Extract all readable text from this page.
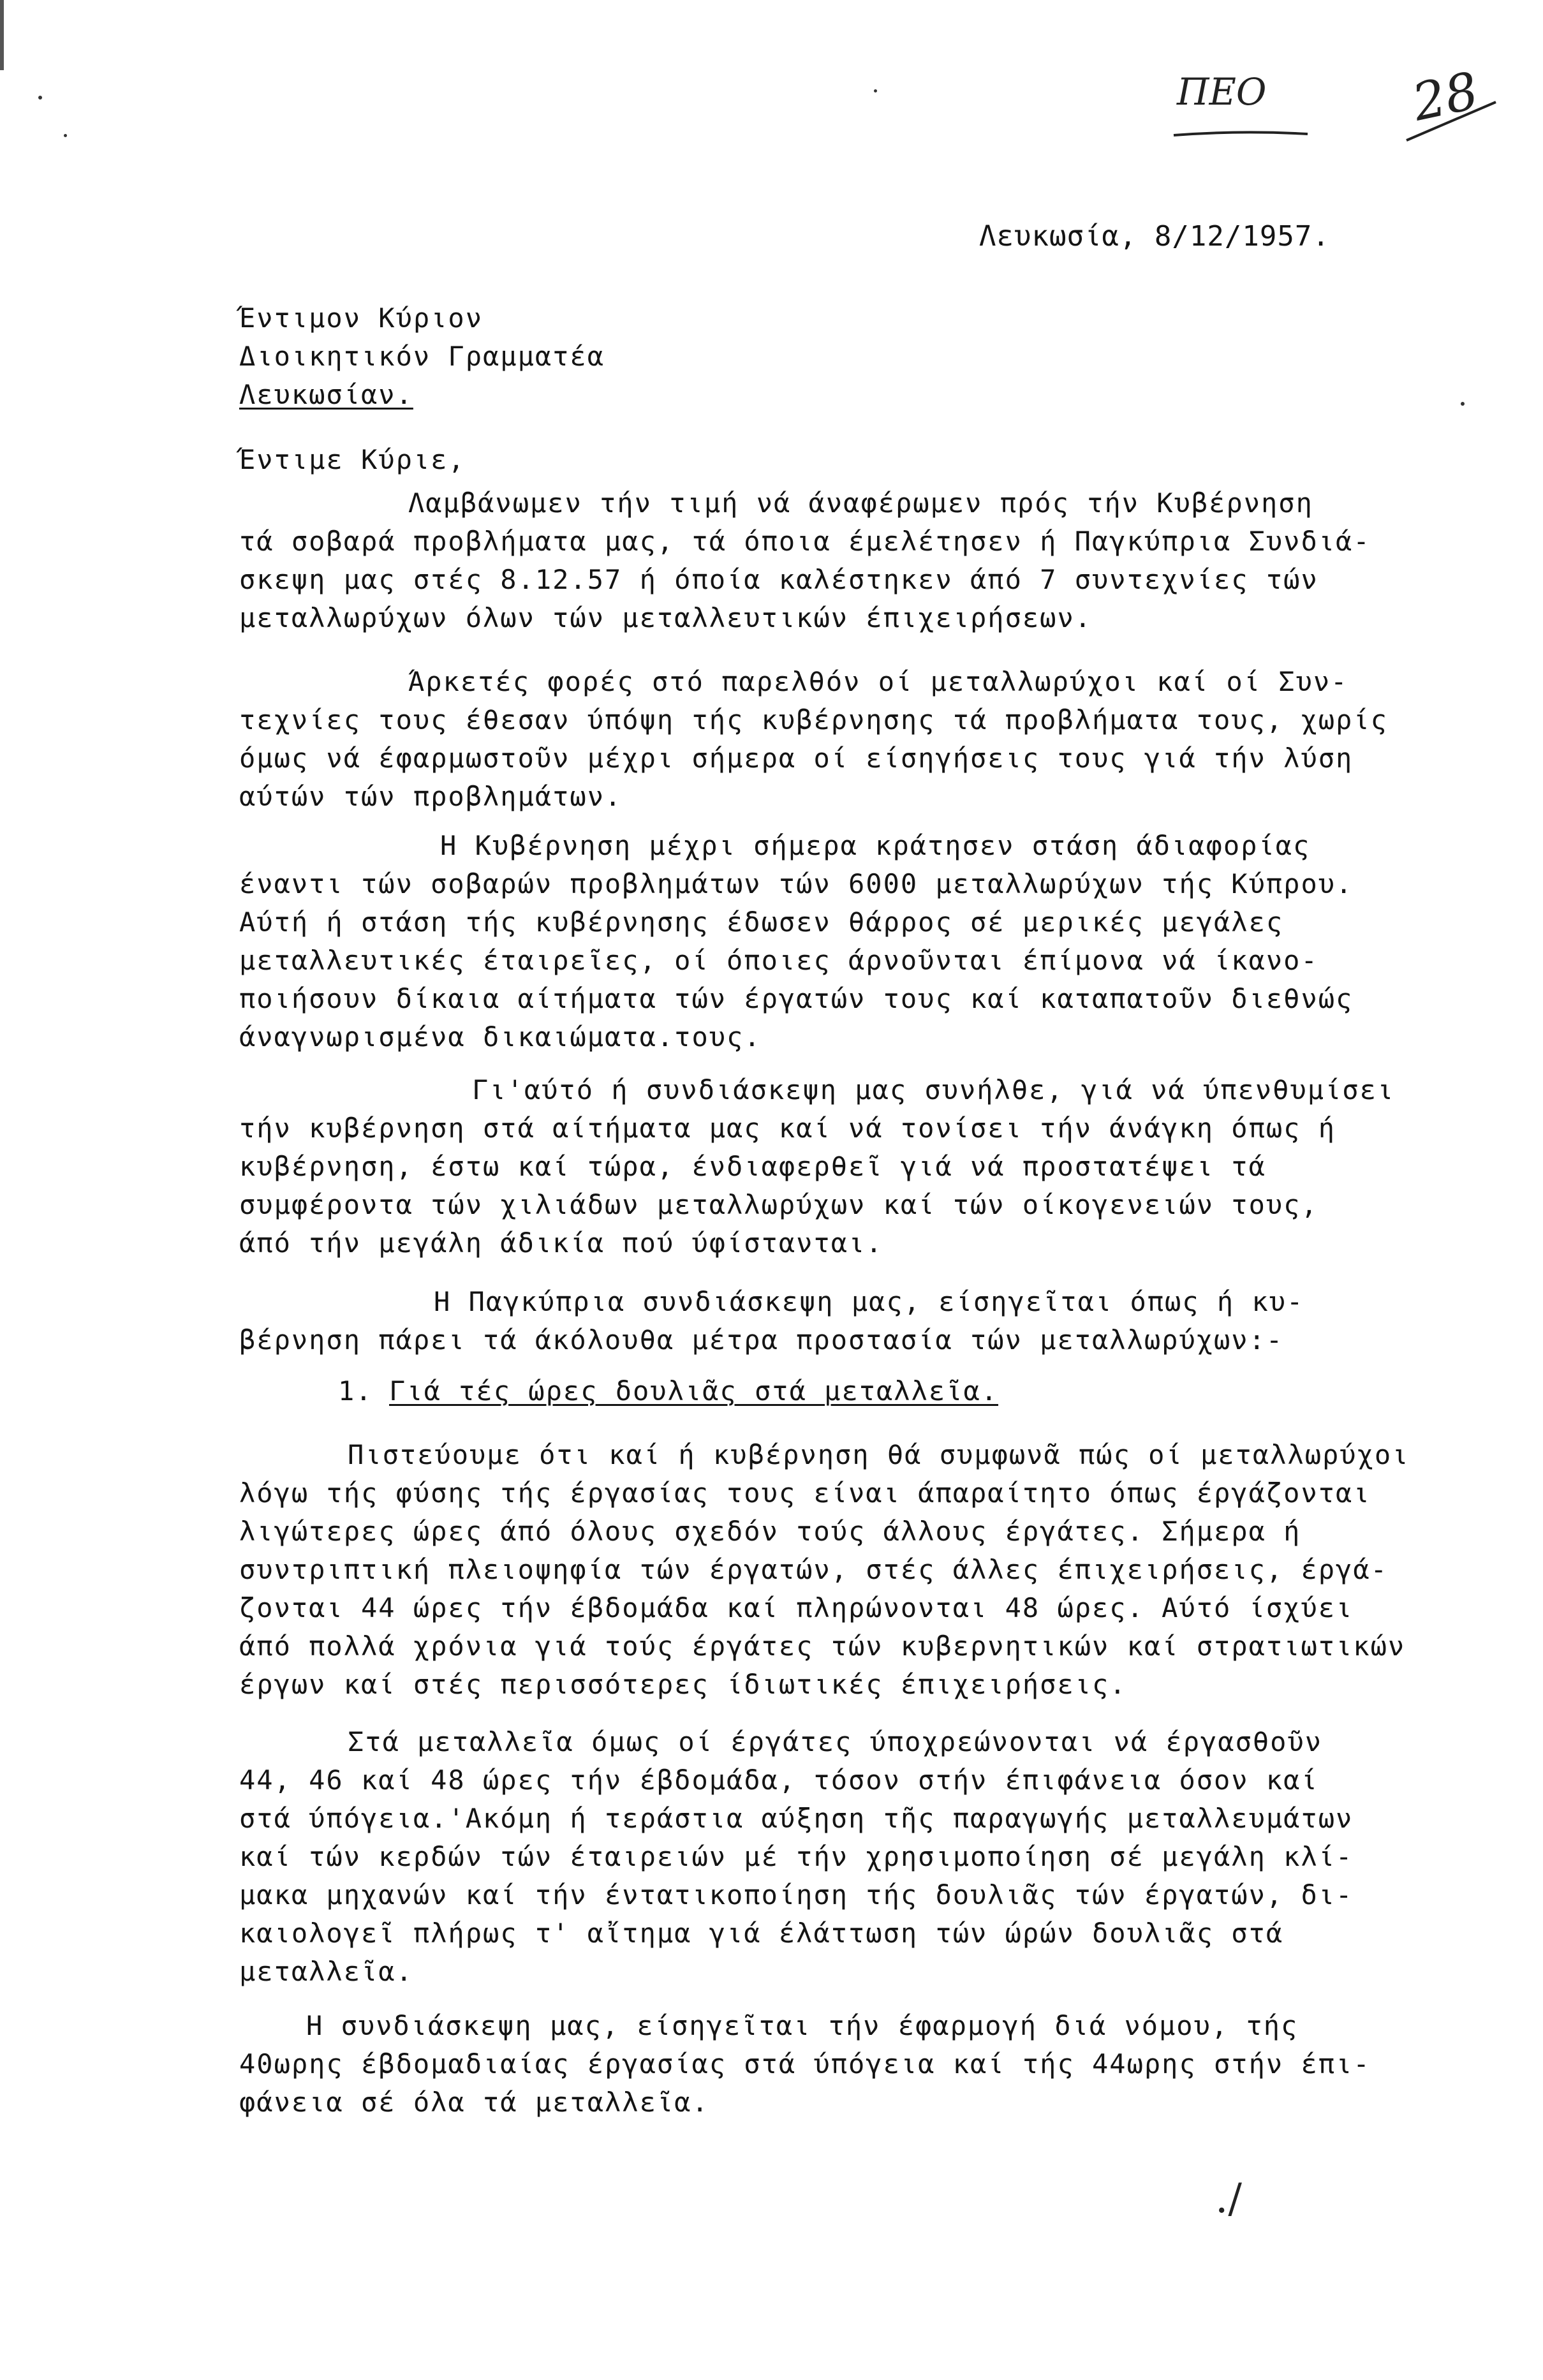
ΠΕΟ	28
Λευκωσία, 8/12/1957.
Έντιμον Κύριον
Διοικητικόν Γραμματέα
Λευκωσίαν.
Έντιμε Κύριε,
Λαμβάνωμεν τήν τιμή νά άναφέρωμεν πρός τήν Κυβέρνηση
τά σοβαρά προβλήματα μας, τά όποια έμελέτησεν ή Παγκύπρια Συνδιά-
σκεψη μας στές 8.12.57 ή όποία καλέστηκεν άπό 7 συντεχνίες τών
μεταλλωρύχων όλων τών μεταλλευτικών έπιχειρήσεων.
Άρκετές φορές στό παρελθόν οί μεταλλωρύχοι καί οί Συν-
τεχνίες τους έθεσαν ύπόψη τής κυβέρνησης τά προβλήματα τους, χωρίς
όμως νά έφαρμωστοῦν μέχρι σήμερα οί είσηγήσεις τους γιά τήν λύση
αύτών τών προβλημάτων.
Η Κυβέρνηση μέχρι σήμερα κράτησεν στάση άδιαφορίας
έναντι τών σοβαρών προβλημάτων τών 6000 μεταλλωρύχων τής Κύπρου.
Αύτή ή στάση τής κυβέρνησης έδωσεν θάρρος σέ μερικές μεγάλες
μεταλλευτικές έταιρεῖες, οί όποιες άρνοῦνται έπίμονα νά ίκανο-
ποιήσουν δίκαια αίτήματα τών έργατών τους καί καταπατοῦν διεθνώς
άναγνωρισμένα δικαιώματα.τους.
Γι'αύτό ή συνδιάσκεψη μας συνήλθε, γιά νά ύπενθυμίσει
τήν κυβέρνηση στά αίτήματα μας καί νά τονίσει τήν άνάγκη όπως ή
κυβέρνηση, έστω καί τώρα, ένδιαφερθεῖ γιά νά προστατέψει τά
συμφέροντα τών χιλιάδων μεταλλωρύχων καί τών οίκογενειών τους,
άπό τήν μεγάλη άδικία πού ύφίστανται.
Η Παγκύπρια συνδιάσκεψη μας, είσηγεῖται όπως ή κυ-
βέρνηση πάρει τά άκόλουθα μέτρα προστασία τών μεταλλωρύχων:-
1. Γιά τές ώρες δουλιᾶς στά μεταλλεῖα.
Πιστεύουμε ότι καί ή κυβέρνηση θά συμφωνᾶ πώς οί μεταλλωρύχοι
λόγω τής φύσης τής έργασίας τους είναι άπαραίτητο όπως έργάζονται
λιγώτερες ώρες άπό όλους σχεδόν τούς άλλους έργάτες. Σήμερα ή
συντριπτική πλειοψηφία τών έργατών, στές άλλες έπιχειρήσεις, έργά-
ζονται 44 ώρες τήν έβδομάδα καί πληρώνονται 48 ώρες. Αύτό ίσχύει
άπό πολλά χρόνια γιά τούς έργάτες τών κυβερνητικών καί στρατιωτικών
έργων καί στές περισσότερες ίδιωτικές έπιχειρήσεις.
Στά μεταλλεῖα όμως οί έργάτες ύποχρεώνονται νά έργασθοῦν
44, 46 καί 48 ώρες τήν έβδομάδα, τόσον στήν έπιφάνεια όσον καί
στά ύπόγεια.'Ακόμη ή τεράστια αύξηση τῆς παραγωγής μεταλλευμάτων
καί τών κερδών τών έταιρειών μέ τήν χρησιμοποίηση σέ μεγάλη κλί-
μακα μηχανών καί τήν έντατικοποίηση τής δουλιᾶς τών έργατών, δι-
καιολογεῖ πλήρως τ' αἴτημα γιά έλάττωση τών ώρών δουλιᾶς στά
μεταλλεῖα.
Η συνδιάσκεψη μας, είσηγεῖται τήν έφαρμογή διά νόμου, τής
40ωρης έβδομαδιαίας έργασίας στά ύπόγεια καί τής 44ωρης στήν έπι-
φάνεια σέ όλα τά μεταλλεῖα.
./
